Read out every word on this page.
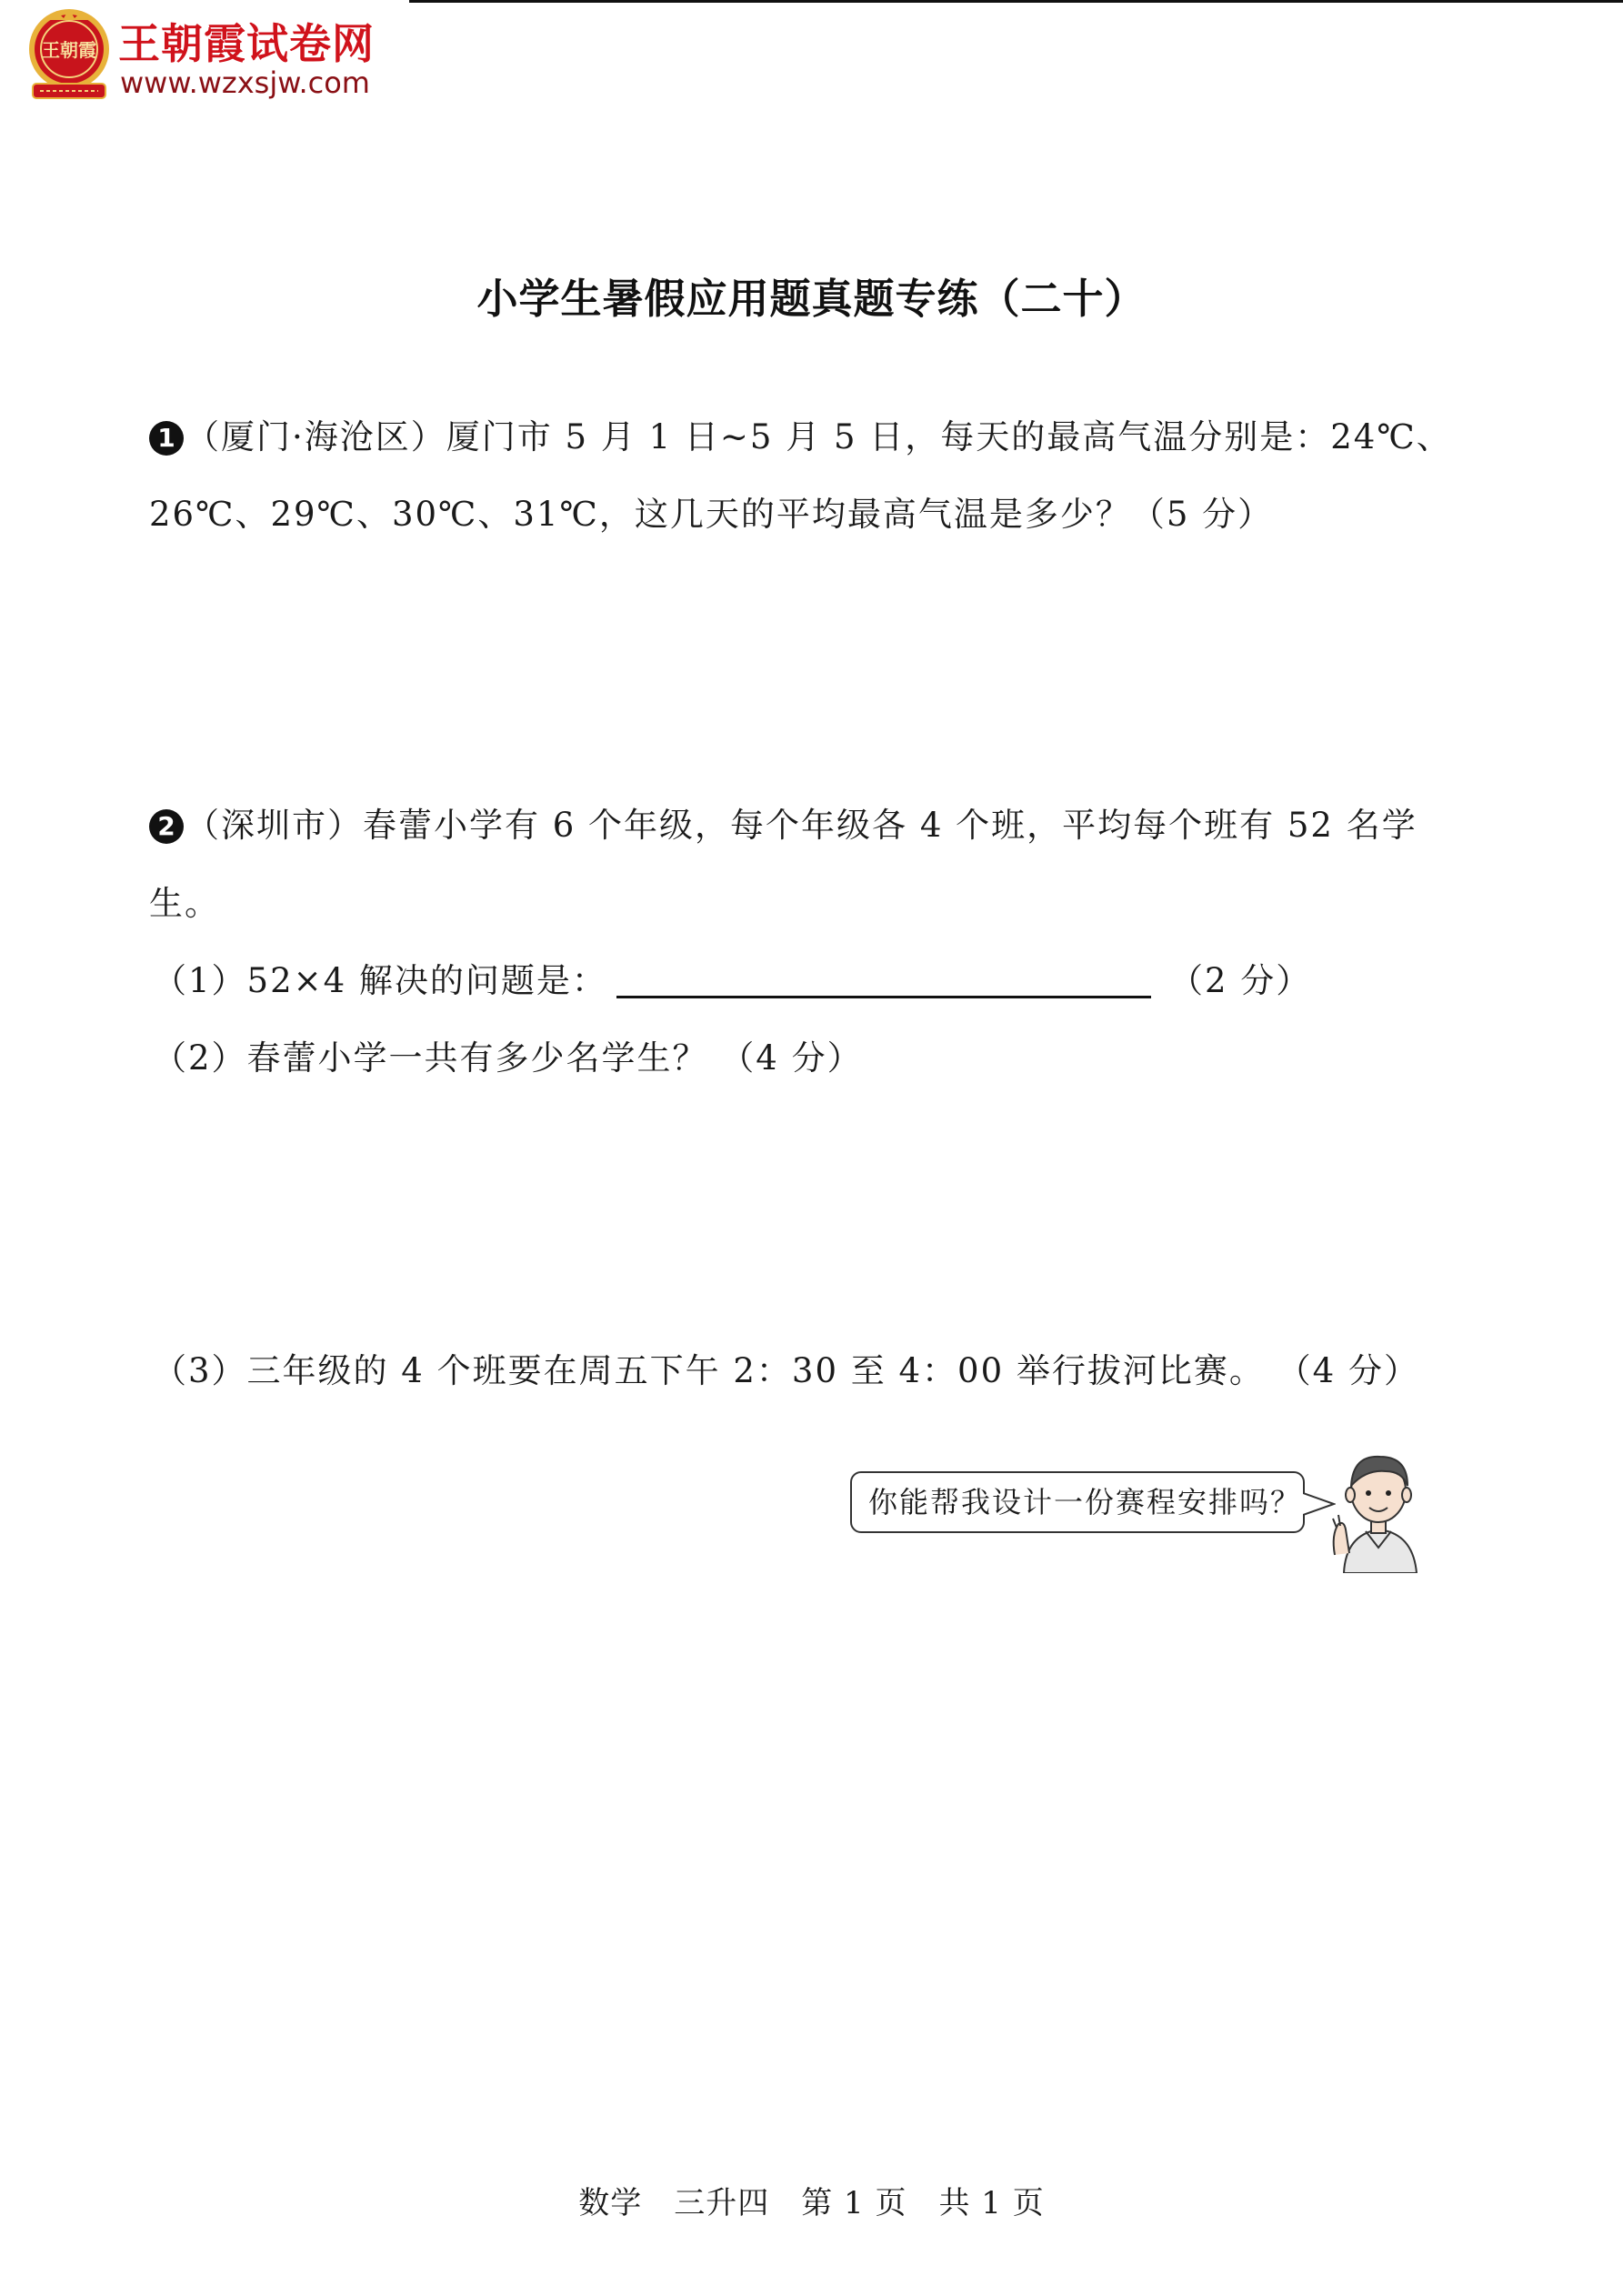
王朝霞 王朝霞试卷网
www.wzxsjw.com
小学生暑假应用题真题专练（二十）
1 （厦门·海沧区）厦门市 5 月 1 日~5 月 5 日，每天的最高气温分别是：24℃、
26℃、29℃、30℃、31℃，这几天的平均最高气温是多少？（5 分）
2 （深圳市）春蕾小学有 6 个年级，每个年级各 4 个班，平均每个班有 52 名学
生。
（1）52×4 解决的问题是：	（2 分）
（2）春蕾小学一共有多少名学生？ （4 分）
（3）三年级的 4 个班要在周五下午 2：30 至 4：00 举行拔河比赛。 （4 分）
你能帮我设计一份赛程安排吗？
数学　三升四　第 1 页　共 1 页
